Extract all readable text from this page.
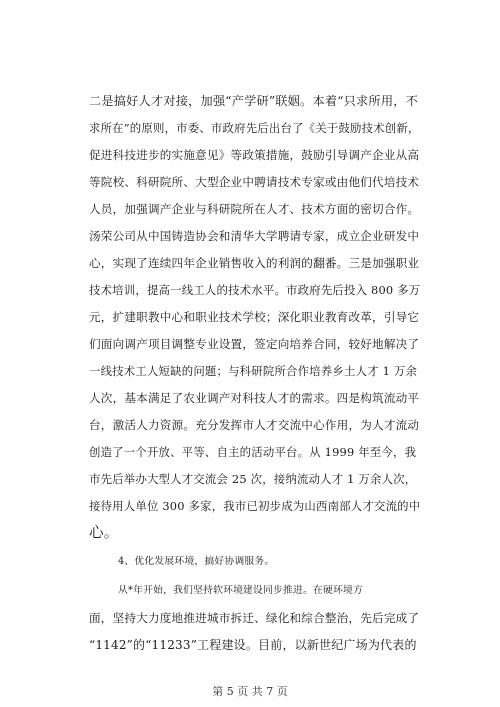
二是搞好人才对接，加强“产学研”联姻。本着“只求所用，不
求所在”的原则，市委、市政府先后出台了《关于鼓励技术创新，
促进科技进步的实施意见》等政策措施，鼓励引导调产企业从高
等院校、科研院所、大型企业中聘请技术专家或由他们代培技术
人员，加强调产企业与科研院所在人才、技术方面的密切合作。
汤荣公司从中国铸造协会和清华大学聘请专家，成立企业研发中
心，实现了连续四年企业销售收入的利润的翻番。三是加强职业
技术培训，提高一线工人的技术水平。市政府先后投入 800 多万
元，扩建职教中心和职业技术学校；深化职业教育改革，引导它
们面向调产项目调整专业设置，签定向培养合同，较好地解决了
一线技术工人短缺的问题；与科研院所合作培养乡土人才 1 万余
人次，基本满足了农业调产对科技人才的需求。四是构筑流动平
台，激活人力资源。充分发挥市人才交流中心作用，为人才流动
创造了一个开放、平等、自主的活动平台。从 1999 年至今，我
市先后举办大型人才交流会 25 次，接纳流动人才 1 万余人次，
接待用人单位 300 多家，我市已初步成为山西南部人才交流的中
心。
4、优化发展环境，搞好协调服务。
从*年开始，我们坚持软环境建设同步推进。在硬环境方
面，坚持大力度地推进城市拆迁、绿化和综合整治，先后完成了
“1142”的“11233”工程建设。目前，以新世纪广场为代表的
第 5 页 共 7 页
